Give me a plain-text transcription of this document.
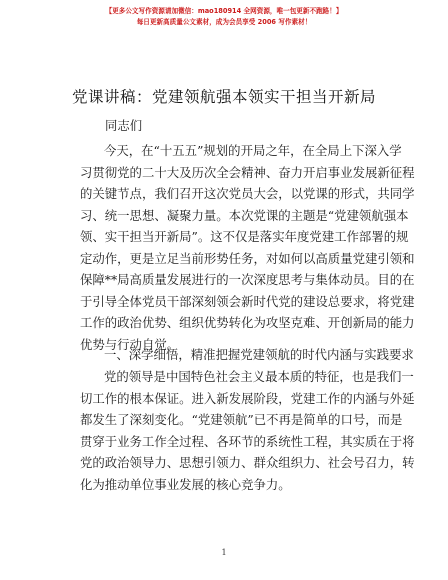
【更多公文写作资源请加微信：mao180914 全网资源，唯一包更新不跑路！】
每日更新高质量公文素材，成为会员享受 2006 写作素材！
党课讲稿：党建领航强本领实干担当开新局
同志们
今天，在“十五五”规划的开局之年，在全局上下深入学
习贯彻党的二十大及历次全会精神、奋力开启事业发展新征程
的关键节点，我们召开这次党员大会，以党课的形式，共同学
习、统一思想、凝聚力量。本次党课的主题是“党建领航强本
领、实干担当开新局”。这不仅是落实年度党建工作部署的规
定动作，更是立足当前形势任务，对如何以高质量党建引领和
保障**局高质量发展进行的一次深度思考与集体动员。目的在
于引导全体党员干部深刻领会新时代党的建设总要求，将党建
工作的政治优势、组织优势转化为攻坚克难、开创新局的能力
优势与行动自觉。
一、深学细悟，精准把握党建领航的时代内涵与实践要求
党的领导是中国特色社会主义最本质的特征，也是我们一
切工作的根本保证。进入新发展阶段，党建工作的内涵与外延
都发生了深刻变化。“党建领航”已不再是简单的口号，而是
贯穿于业务工作全过程、各环节的系统性工程，其实质在于将
党的政治领导力、思想引领力、群众组织力、社会号召力，转
化为推动单位事业发展的核心竞争力。
1
